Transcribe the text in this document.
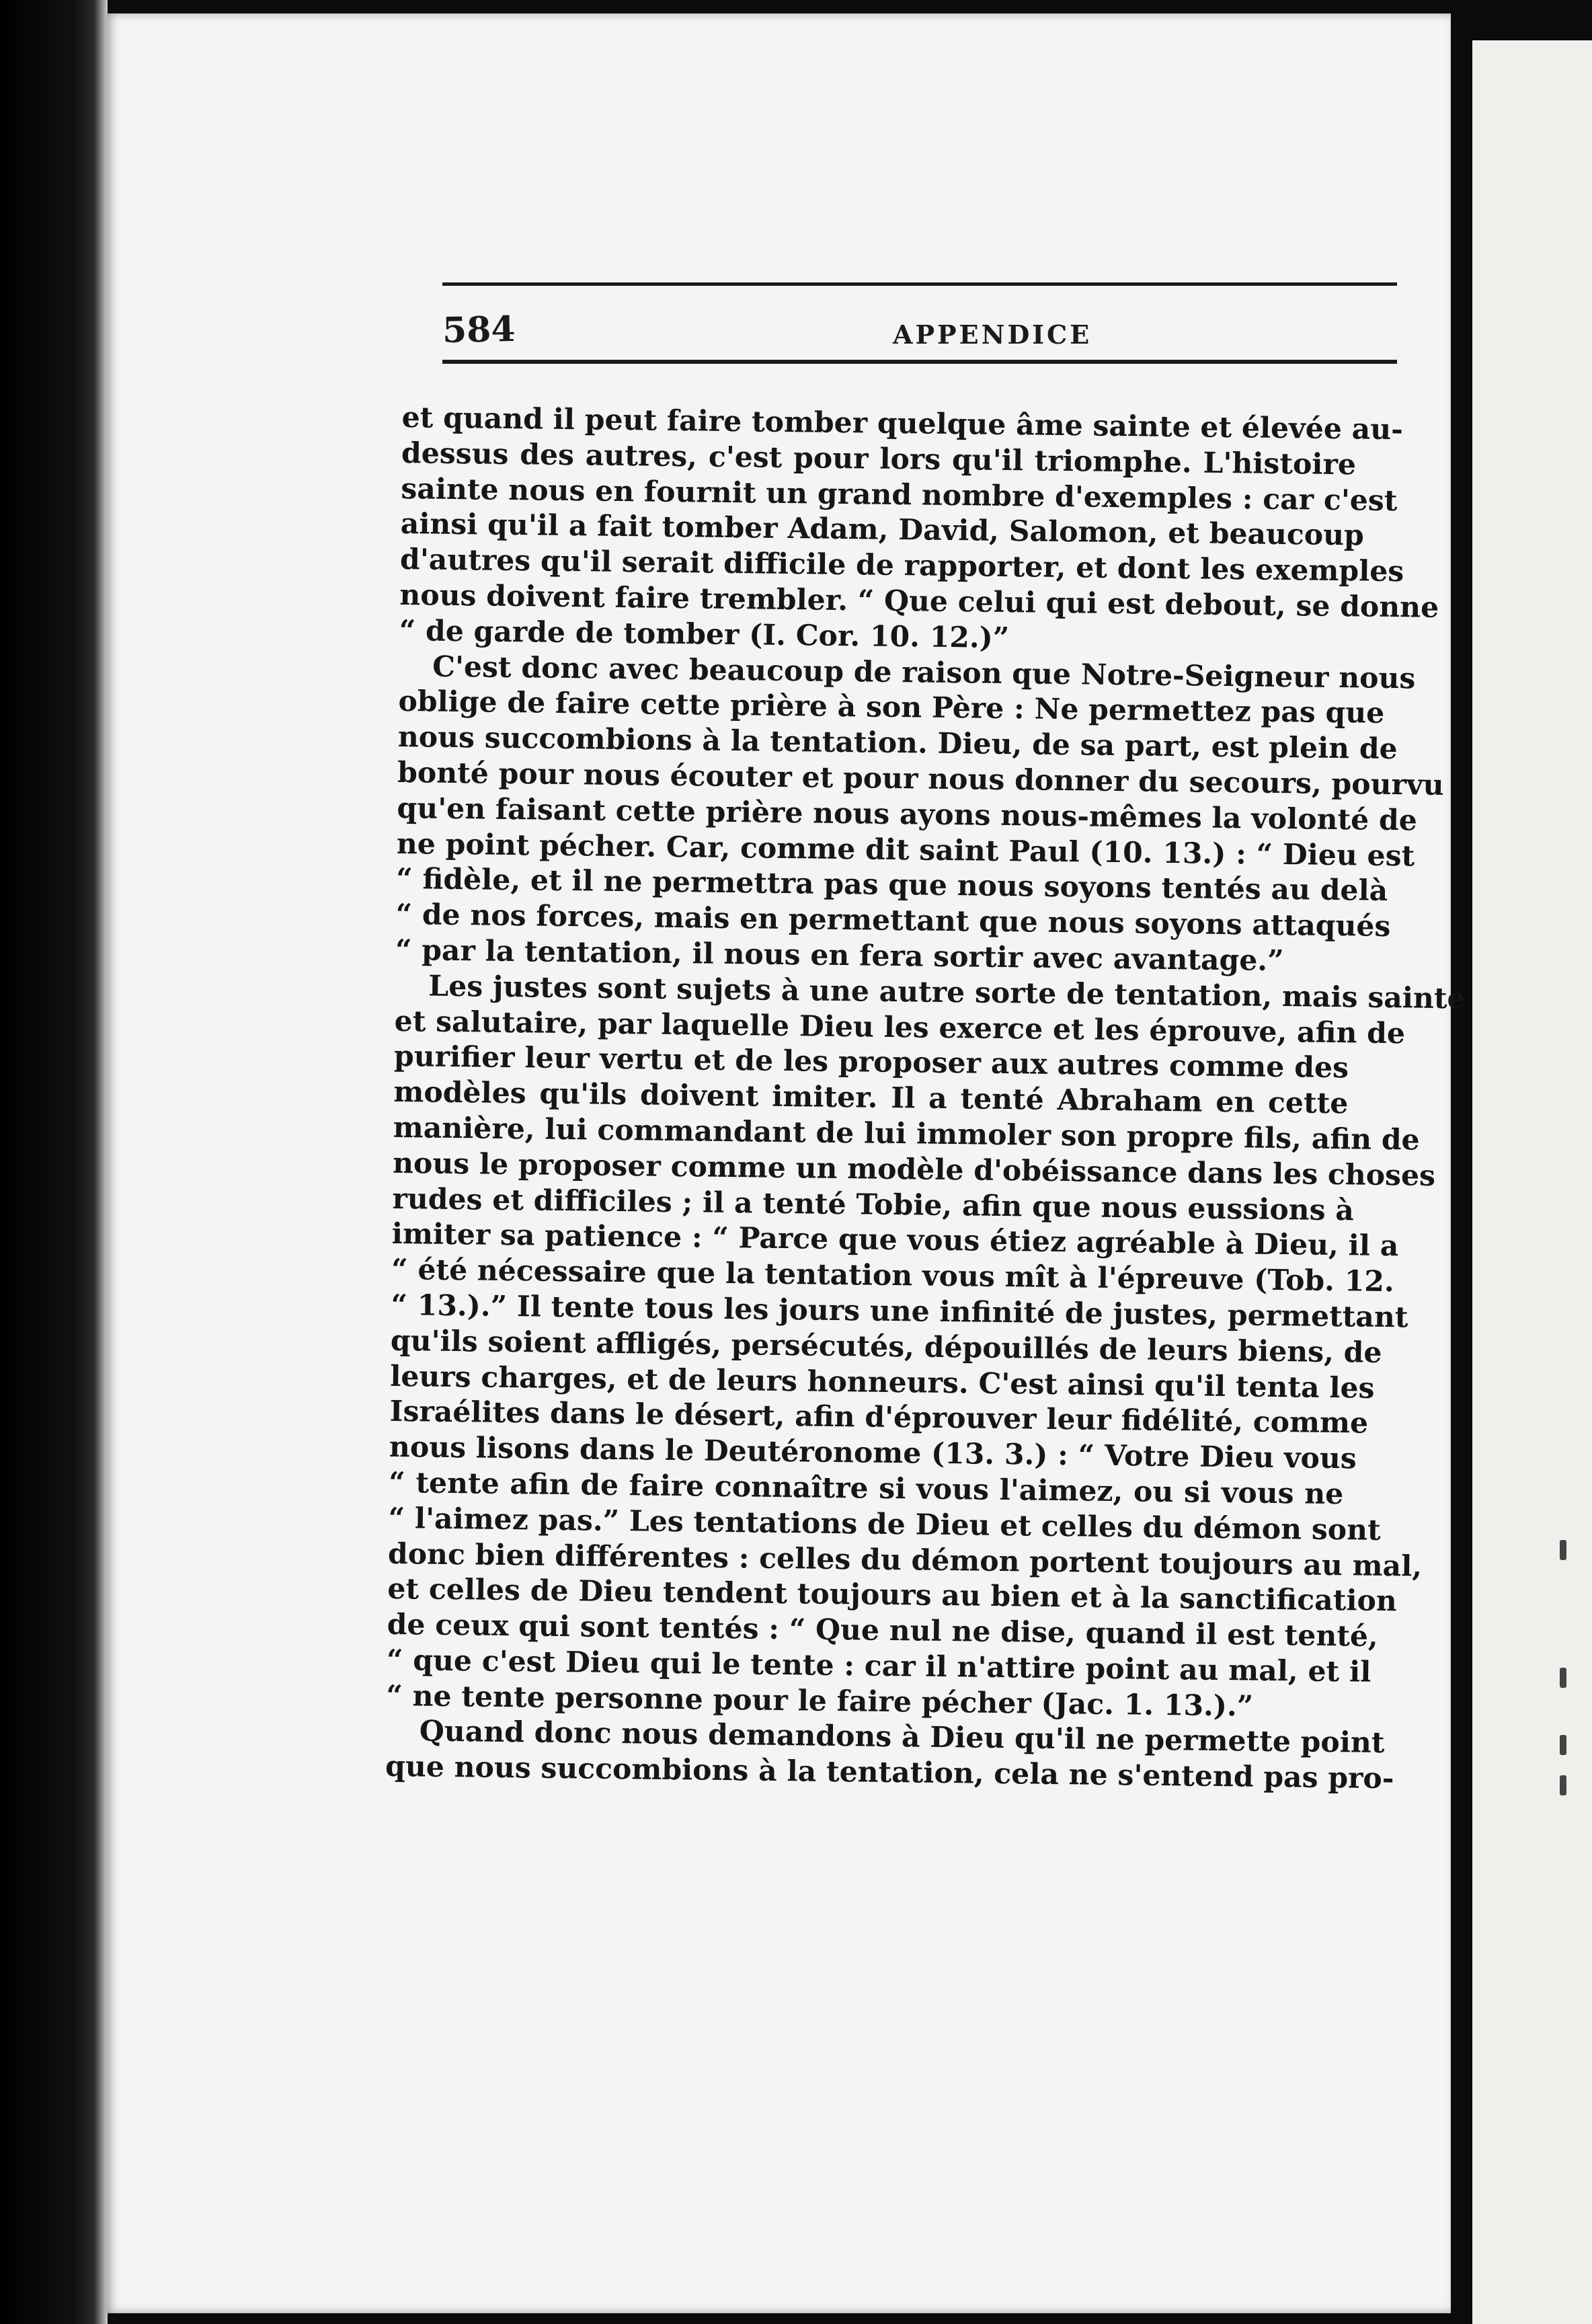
584	APPENDICE
et quand il peut faire tomber quelque âme sainte et élevée au-
dessus des autres, c'est pour lors qu'il triomphe. L'histoire
sainte nous en fournit un grand nombre d'exemples : car c'est
ainsi qu'il a fait tomber Adam, David, Salomon, et beaucoup
d'autres qu'il serait difficile de rapporter, et dont les exemples
nous doivent faire trembler. “ Que celui qui est debout, se donne
“ de garde de tomber (I. Cor. 10. 12.)”
C'est donc avec beaucoup de raison que Notre-Seigneur nous
oblige de faire cette prière à son Père : Ne permettez pas que
nous succombions à la tentation. Dieu, de sa part, est plein de
bonté pour nous écouter et pour nous donner du secours, pourvu
qu'en faisant cette prière nous ayons nous-mêmes la volonté de
ne point pécher. Car, comme dit saint Paul (10. 13.) : “ Dieu est
“ fidèle, et il ne permettra pas que nous soyons tentés au delà
“ de nos forces, mais en permettant que nous soyons attaqués
“ par la tentation, il nous en fera sortir avec avantage.”
Les justes sont sujets à une autre sorte de tentation, mais sainte
et salutaire, par laquelle Dieu les exerce et les éprouve, afin de
purifier leur vertu et de les proposer aux autres comme des
modèles qu'ils doivent imiter. Il a tenté Abraham en cette
manière, lui commandant de lui immoler son propre fils, afin de
nous le proposer comme un modèle d'obéissance dans les choses
rudes et difficiles ; il a tenté Tobie, afin que nous eussions à
imiter sa patience : “ Parce que vous étiez agréable à Dieu, il a
“ été nécessaire que la tentation vous mît à l'épreuve (Tob. 12.
“ 13.).” Il tente tous les jours une infinité de justes, permettant
qu'ils soient affligés, persécutés, dépouillés de leurs biens, de
leurs charges, et de leurs honneurs. C'est ainsi qu'il tenta les
Israélites dans le désert, afin d'éprouver leur fidélité, comme
nous lisons dans le Deutéronome (13. 3.) : “ Votre Dieu vous
“ tente afin de faire connaître si vous l'aimez, ou si vous ne
“ l'aimez pas.” Les tentations de Dieu et celles du démon sont
donc bien différentes : celles du démon portent toujours au mal,
et celles de Dieu tendent toujours au bien et à la sanctification
de ceux qui sont tentés : “ Que nul ne dise, quand il est tenté,
“ que c'est Dieu qui le tente : car il n'attire point au mal, et il
“ ne tente personne pour le faire pécher (Jac. 1. 13.).”
Quand donc nous demandons à Dieu qu'il ne permette point
que nous succombions à la tentation, cela ne s'entend pas pro-
